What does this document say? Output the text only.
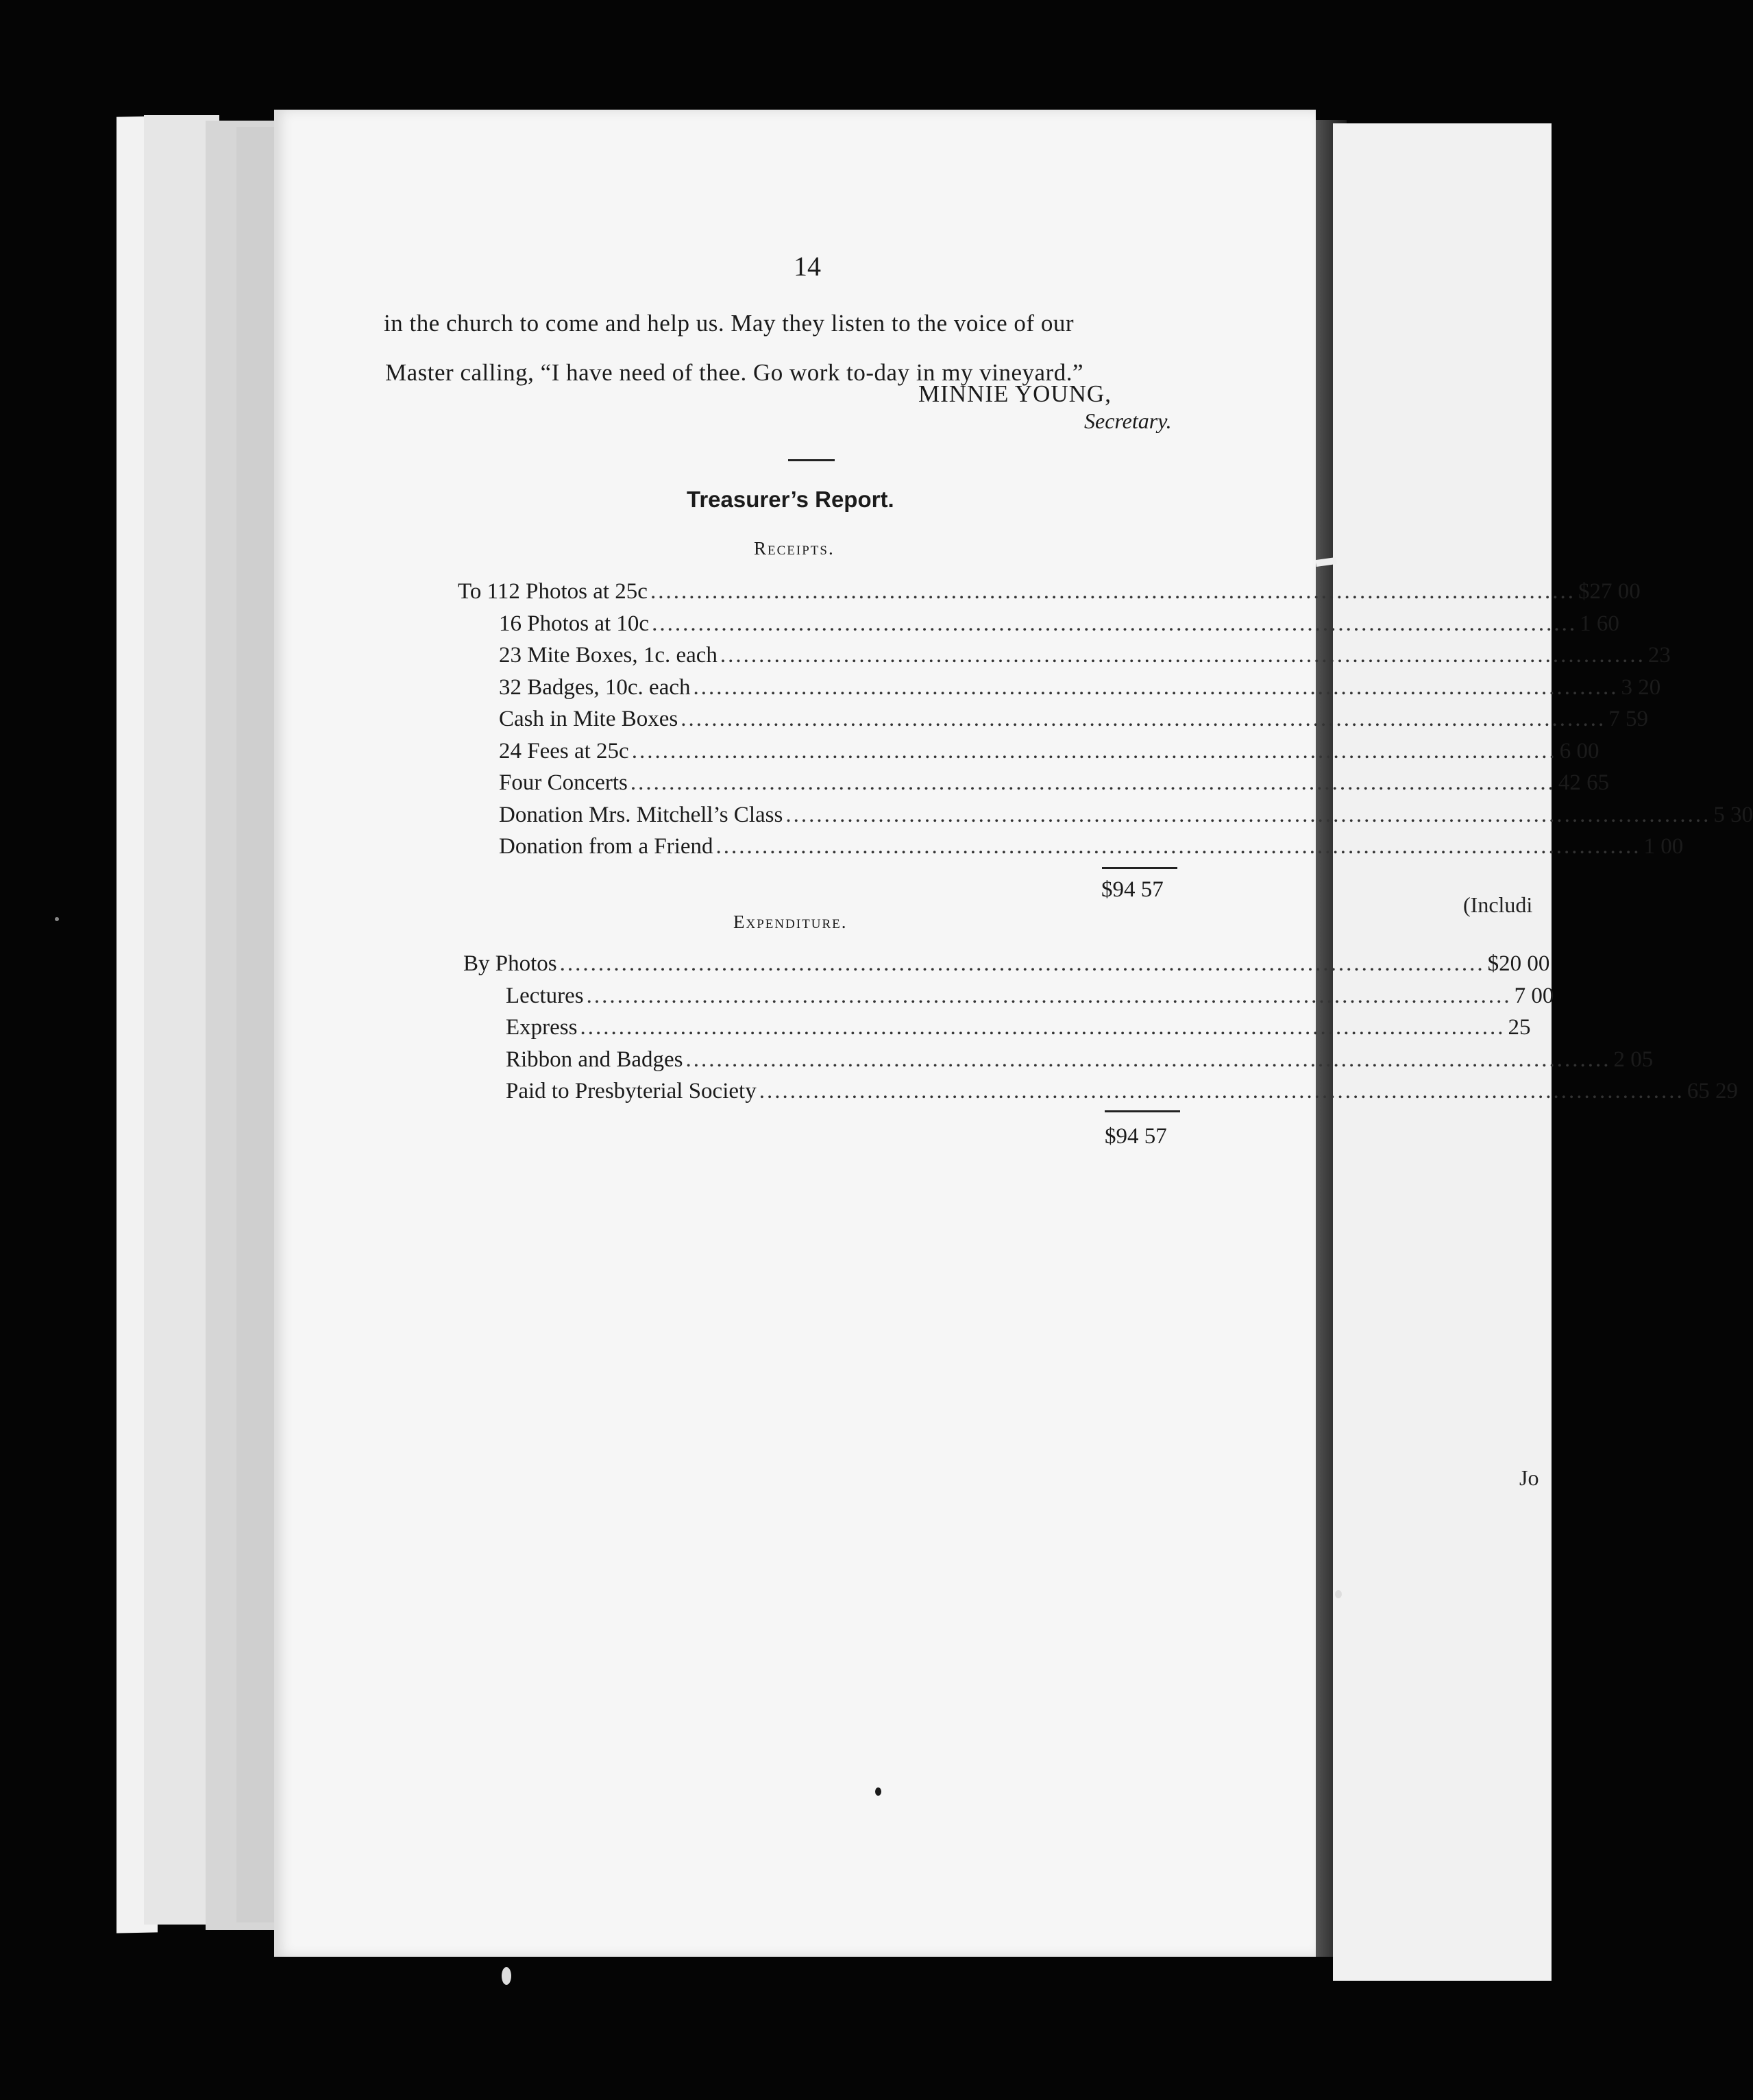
(Includi
Jo
14
in the church to come and help us. May they listen to the voice of our
Master calling, “I have need of thee. Go work to-day in my vineyard.”
MINNIE YOUNG,
Secretary.
Treasurer’s Report.
Receipts.
To 112 Photos at 25c ........................................................................................................................ $27 00
16 Photos at 10c ........................................................................................................................ 1 60
23 Mite Boxes, 1c. each ........................................................................................................................ 23
32 Badges, 10c. each ........................................................................................................................ 3 20
Cash in Mite Boxes ........................................................................................................................ 7 59
24 Fees at 25c ........................................................................................................................ 6 00
Four Concerts ........................................................................................................................ 42 65
Donation Mrs. Mitchell’s Class ........................................................................................................................ 5 30
Donation from a Friend ........................................................................................................................ 1 00
$94 57
Expenditure.
By Photos ........................................................................................................................ $20 00
Lectures ........................................................................................................................ 7 00
Express ........................................................................................................................ 25
Ribbon and Badges ........................................................................................................................ 2 05
Paid to Presbyterial Society ........................................................................................................................ 65 29
$94 57
